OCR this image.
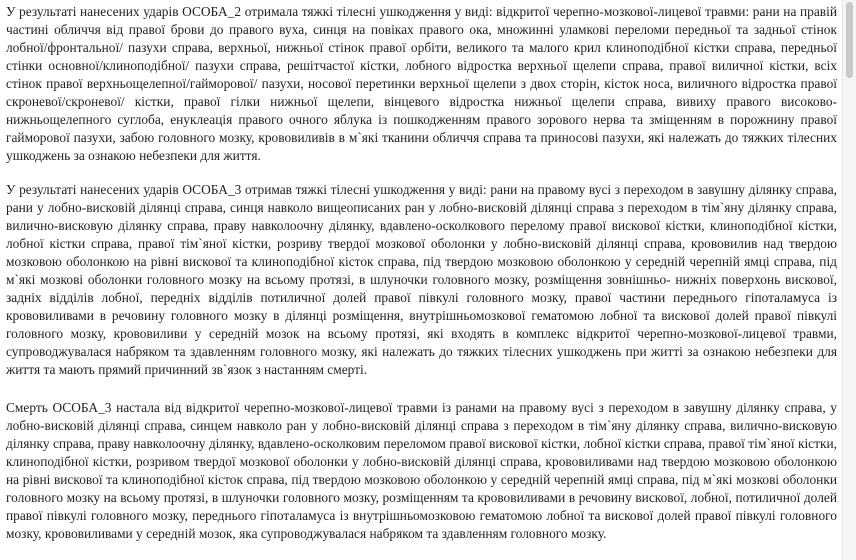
У результаті нанесених ударів ОСОБА_2 отримала тяжкі тілесні ушкодження у виді: відкритої черепно-мозкової-лицевої травми: рани на правій частині обличчя від правої брови до правого вуха, синця на повіках правого ока, множинні уламкові переломи передньої та задньої стінок лобної/фронтальної/ пазухи справа, верхньої, нижньої стінок правої орбіти, великого та малого крил клиноподібної кістки справа, передньої стінки основної/клиноподібної/ пазухи справа, решітчастої кістки, лобного відростка верхньої щелепи справа, правої виличної кістки, всіх стінок правої верхньощелепної/гайморової/ пазухи, носової перетинки верхньої щелепи з двох сторін, кісток носа, виличного відростка правої скроневої/скроневої/ кістки, правої гілки нижньої щелепи, вінцевого відростка нижньої щелепи справа, вивиху правого виcoково-нижньощелепного суглоба, енуклеація правого очного яблука із пошкодженням правого зорового нерва та зміщенням в порожнину правої гайморової пазухи, забою головного мозку, крововиливів в м`які тканини обличчя справа та приносові пазухи, які належать до тяжких тілесних ушкоджень за ознакою небезпеки для життя.

У результаті нанесених ударів ОСОБА_3 отримав тяжкі тілесні ушкодження у виді: рани на правому вусі з переходом в завушну ділянку справа, рани у лобно-висковій ділянці справа, синця навколо вищеописаних ран у лобно-висковій ділянці справа з переходом в тім`яну ділянку справа, вилично-висковую ділянку справа, праву навколоочну ділянку, вдавлено-осколкового перелому правої вискової кістки, клиноподібної кістки, лобної кістки справа, правої тім`яної кістки, розриву твердої мозкової оболонки у лобно-висковій ділянці справа, крововилив над твердою мозковою оболонкою на рівні вискової та клиноподібної кісток справа, під твердою мозковою оболонкою у середній черепній ямці справа, під м`які мозкові оболонки головного мозку на всьому протязі, в шлуночки головного мозку, розміщення зовнішньо- нижніх поверхонь вискової, задніх відділів лобної, передніх відділів потиличної долей правої півкулі головного мозку, правої частини переднього гіпоталамуса із крововиливами в речовину головного мозку в ділянці розміщення, внутрішньомозкової гематомою лобної та вискової долей правої півкулі головного мозку, крововиливи у середній мозок на всьому протязі, які входять в комплекс відкритої черепно-мозкової-лицевої травми, супроводжувалася набряком та здавленням головного мозку, які належать до тяжких тілесних ушкоджень при житті за ознакою небезпеки для життя та мають прямий причинний зв`язок з настанням смерті.

Смерть ОСОБА_3 настала від відкритої черепно-мозкової-лицевої травми із ранами на правому вусі з переходом в завушну ділянку справа, у лобно-висковій ділянці справа, синцем навколо ран у лобно-висковій ділянці справа з переходом в тім`яну ділянку справа, вилично-висковую ділянку справа, праву навколоочну ділянку, вдавлено-осколковим переломом правої вискової кістки, лобної кістки справа, правої тім`яної кістки, клиноподібної кістки, розривом твердої мозкової оболонки у лобно-висковій ділянці справа, крововиливами над твердою мозковою оболонкою на рівні вискової та клиноподібної кісток справа, під твердою мозковою оболонкою у середній черепній ямці справа, під м`які мозкові оболонки головного мозку на всьому протязі, в шлуночки головного мозку, розміщенням та крововиливами в речовину вискової, лобної, потиличної долей правої півкулі головного мозку, переднього гіпоталамуса із внутрішньомозковою гематомою лобної та вискової долей правої півкулі головного мозку, крововиливами у середній мозок, яка супроводжувалася набряком та здавленням головного мозку.
